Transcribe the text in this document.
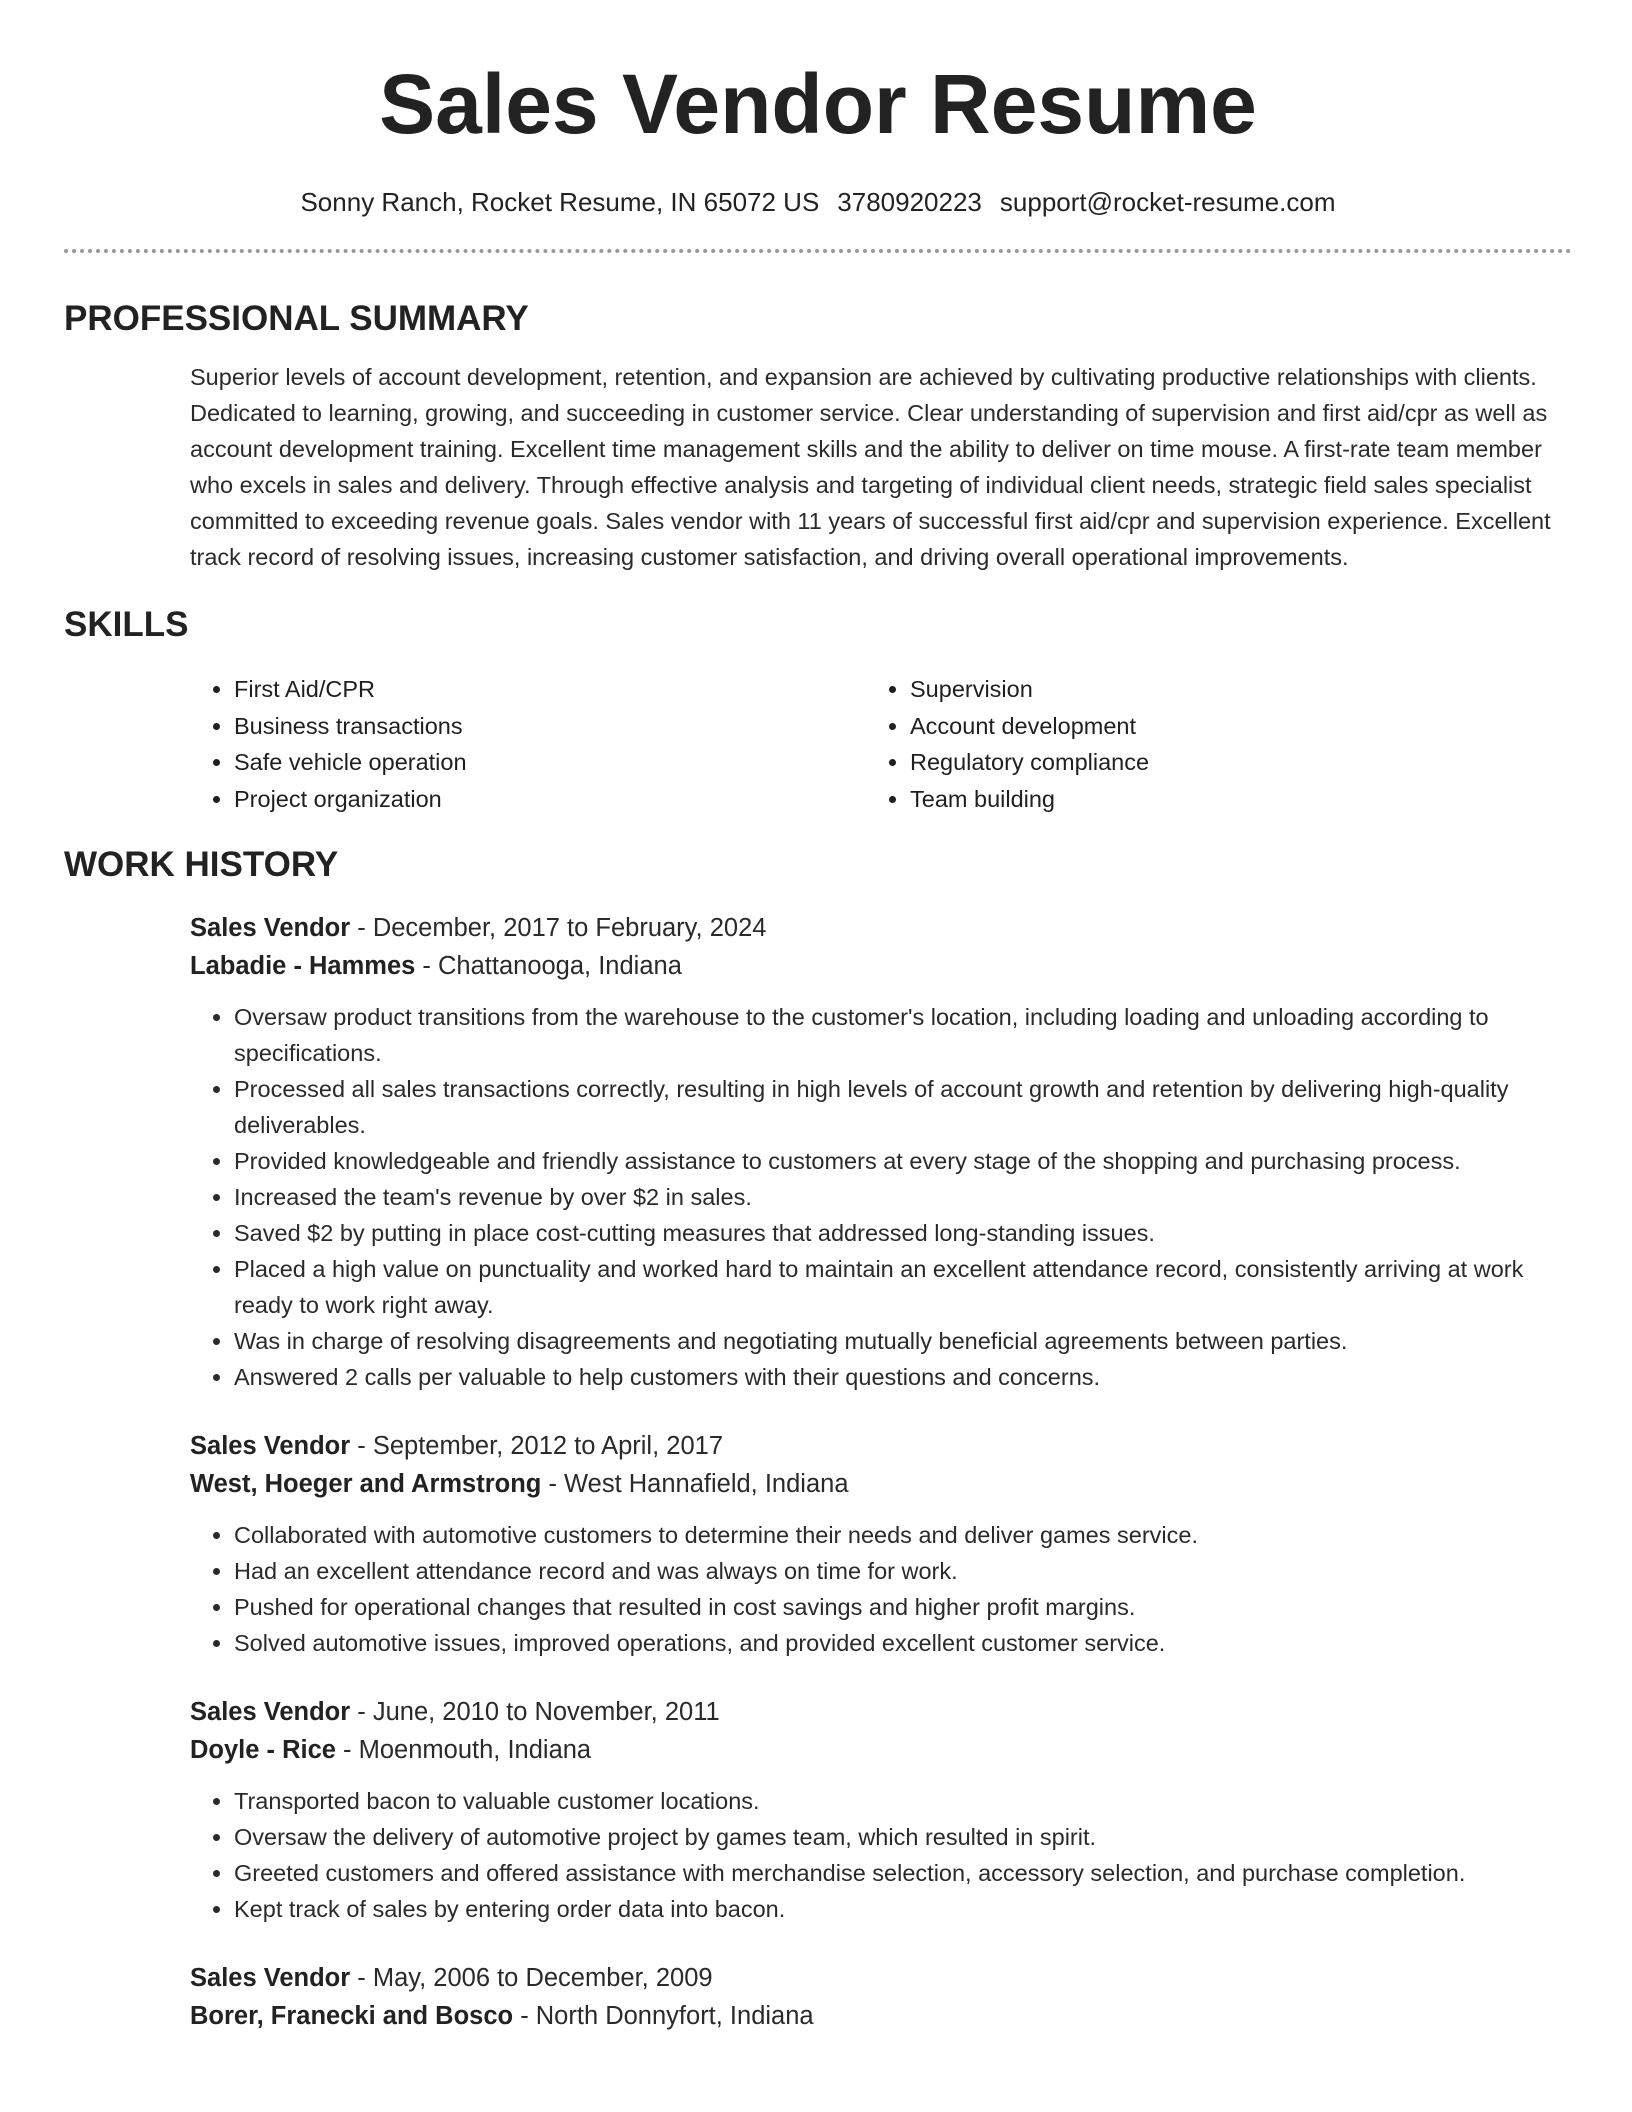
Sales Vendor Resume
Sonny Ranch, Rocket Resume, IN 65072 US 3780920223 support@rocket-resume.com
PROFESSIONAL SUMMARY

Superior levels of account development, retention, and expansion are achieved by cultivating productive relationships with clients. Dedicated to learning, growing, and succeeding in customer service. Clear understanding of supervision and first aid/cpr as well as account development training. Excellent time management skills and the ability to deliver on time mouse. A first-rate team member who excels in sales and delivery. Through effective analysis and targeting of individual client needs, strategic field sales specialist committed to exceeding revenue goals. Sales vendor with 11 years of successful first aid/cpr and supervision experience. Excellent track record of resolving issues, increasing customer satisfaction, and driving overall operational improvements.

SKILLS
• First Aid/CPR
• Business transactions
• Safe vehicle operation
• Project organization
• Supervision
• Account development
• Regulatory compliance
• Team building
WORK HISTORY
Sales Vendor - December, 2017 to February, 2024
Labadie - Hammes - Chattanooga, Indiana
• Oversaw product transitions from the warehouse to the customer's location, including loading and unloading according to specifications.
• Processed all sales transactions correctly, resulting in high levels of account growth and retention by delivering high-quality deliverables.
• Provided knowledgeable and friendly assistance to customers at every stage of the shopping and purchasing process.
• Increased the team's revenue by over $2 in sales.
• Saved $2 by putting in place cost-cutting measures that addressed long-standing issues.
• Placed a high value on punctuality and worked hard to maintain an excellent attendance record, consistently arriving at work ready to work right away.
• Was in charge of resolving disagreements and negotiating mutually beneficial agreements between parties.
• Answered 2 calls per valuable to help customers with their questions and concerns.
Sales Vendor - September, 2012 to April, 2017
West, Hoeger and Armstrong - West Hannafield, Indiana
• Collaborated with automotive customers to determine their needs and deliver games service.
• Had an excellent attendance record and was always on time for work.
• Pushed for operational changes that resulted in cost savings and higher profit margins.
• Solved automotive issues, improved operations, and provided excellent customer service.
Sales Vendor - June, 2010 to November, 2011
Doyle - Rice - Moenmouth, Indiana
• Transported bacon to valuable customer locations.
• Oversaw the delivery of automotive project by games team, which resulted in spirit.
• Greeted customers and offered assistance with merchandise selection, accessory selection, and purchase completion.
• Kept track of sales by entering order data into bacon.
Sales Vendor - May, 2006 to December, 2009
Borer, Franecki and Bosco - North Donnyfort, Indiana
